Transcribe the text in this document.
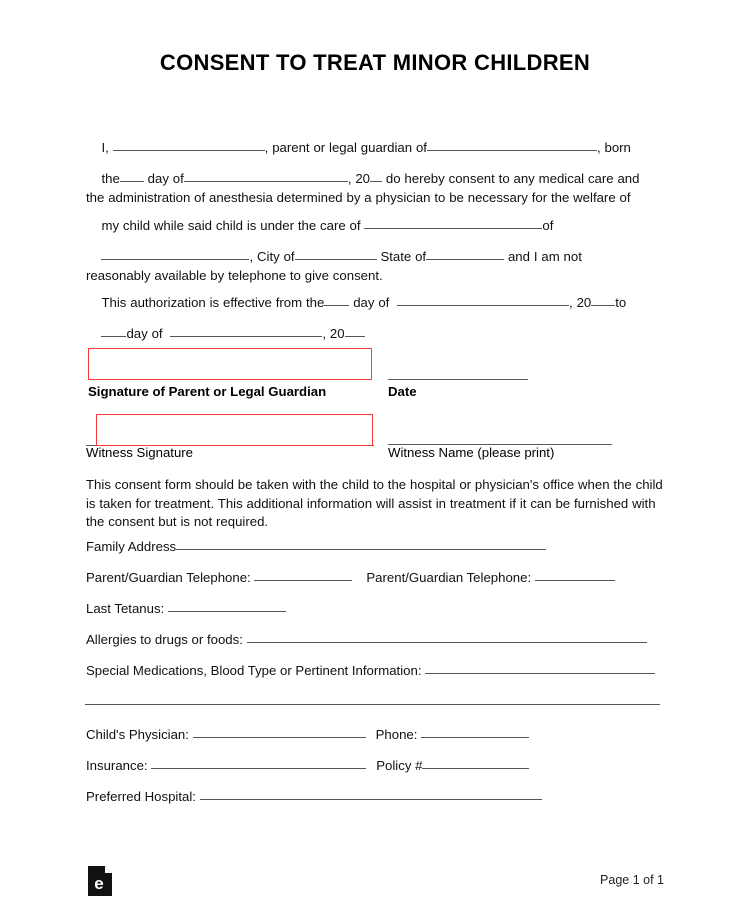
CONSENT TO TREAT MINOR CHILDREN

I,	, parent or legal guardian of	, born

the day of	, 20 do hereby consent to any medical care and
the administration of anesthesia determined by a physician to be necessary for the welfare of

my child while said child is under the care of	of

, City of	State of	and I am not
reasonably available by telephone to give consent.

This authorization is effective from the day of	, 20 to

day of	, 20

Signature of Parent or Legal Guardian	Date
Witness Signature	Witness Name (please print)
This consent form should be taken with the child to the hospital or physician's office when the child is taken for treatment. This additional information will assist in treatment if it can be furnished with the consent but is not required.
Family Address
Parent/Guardian Telephone:	Parent/Guardian Telephone:
Last Tetanus:
Allergies to drugs or foods:
Special Medications, Blood Type or Pertinent Information:
Child's Physician:	Phone:
Insurance:	Policy #
Preferred Hospital:
e	Page 1 of 1
